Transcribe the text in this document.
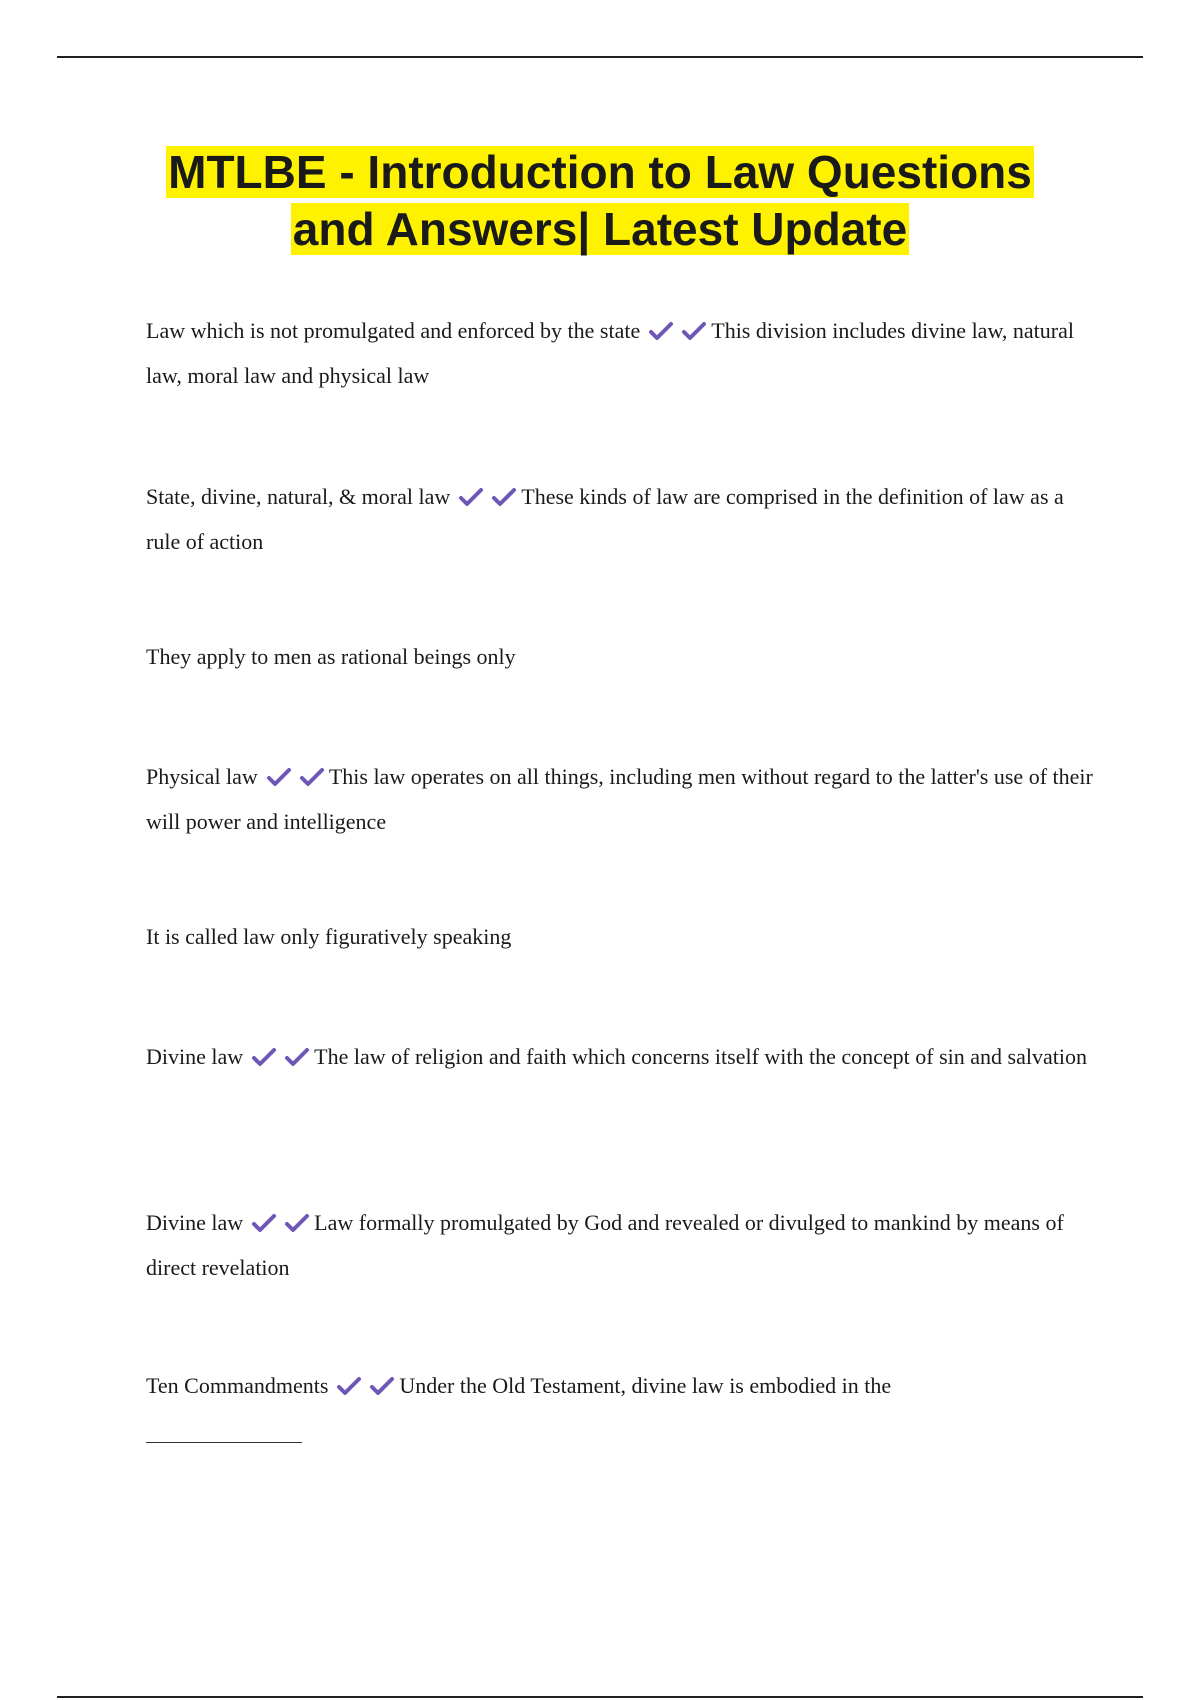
MTLBE - Introduction to Law Questions
and Answers| Latest Update

Law which is not promulgated and enforced by the state	This division includes divine law, natural law, moral law and physical law

State, divine, natural, & moral law	These kinds of law are comprised in the definition of law as a rule of action

They apply to men as rational beings only

Physical law	This law operates on all things, including men without regard to the latter's use of their will power and intelligence

It is called law only figuratively speaking

Divine law	The law of religion and faith which concerns itself with the concept of sin and salvation

Divine law	Law formally promulgated by God and revealed or divulged to mankind by means of direct revelation

Ten Commandments	Under the Old Testament, divine law is embodied in the
